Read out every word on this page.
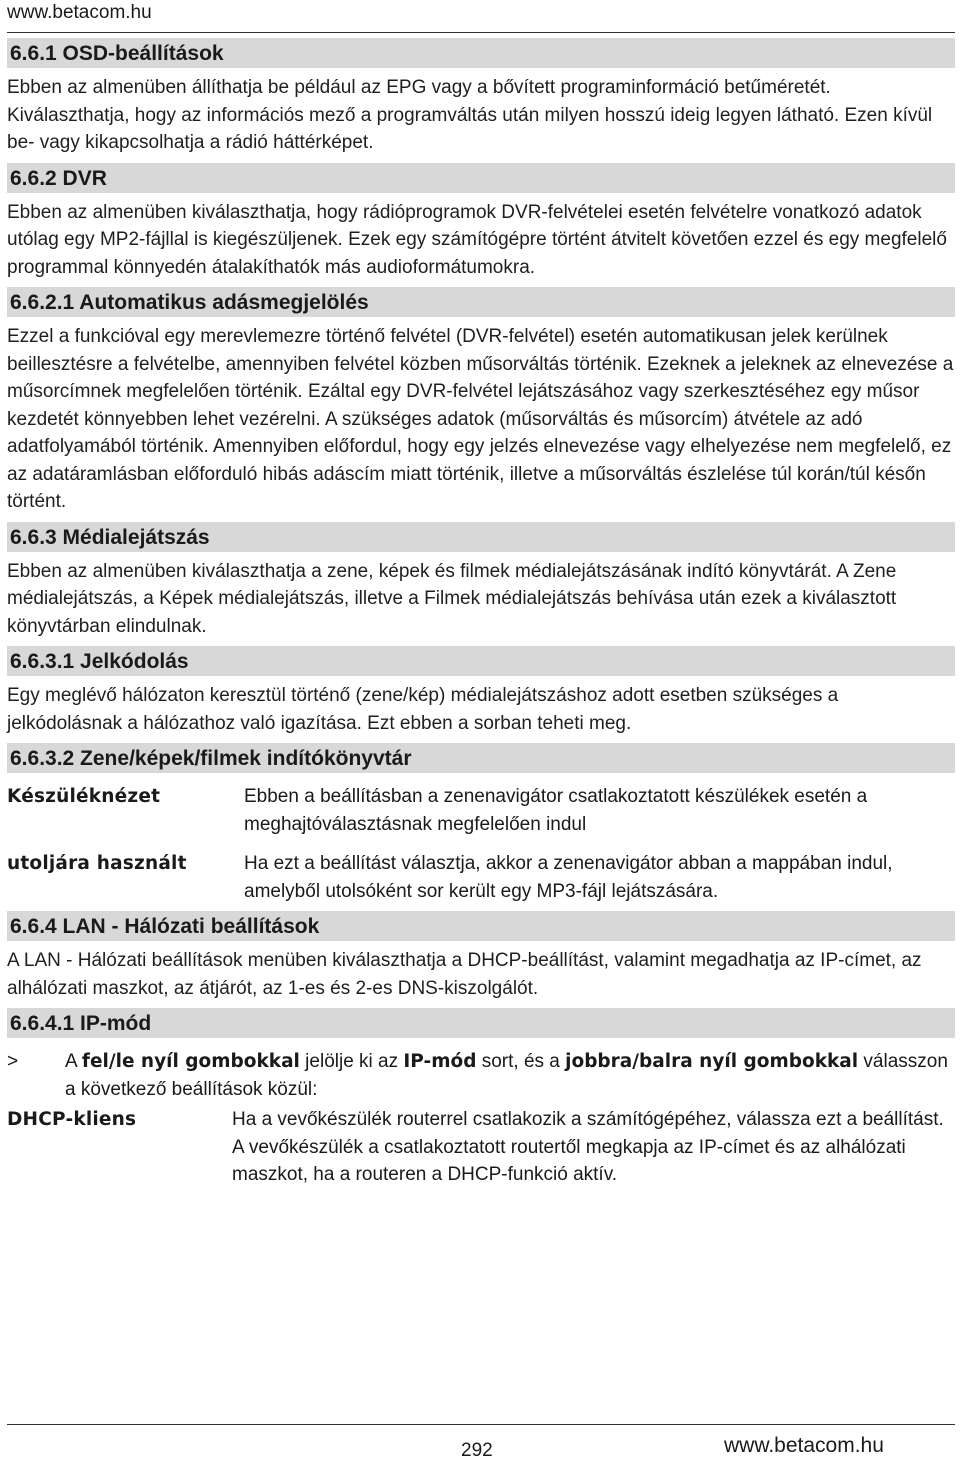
www.betacom.hu
6.6.1 OSD-beállítások

Ebben az almenüben állíthatja be például az EPG vagy a bővített programinformáció betűméretét. Kiválaszthatja, hogy az információs mező a programváltás után milyen hosszú ideig legyen látható. Ezen kívül be- vagy kikapcsolhatja a rádió háttérképet.

6.6.2 DVR

Ebben az almenüben kiválaszthatja, hogy rádióprogramok DVR-felvételei esetén felvételre vonatkozó adatok utólag egy MP2-fájllal is kiegészüljenek. Ezek egy számítógépre történt átvitelt követően ezzel és egy megfelelő programmal könnyedén átalakíthatók más audioformátumokra.

6.6.2.1 Automatikus adásmegjelölés

Ezzel a funkcióval egy merevlemezre történő felvétel (DVR-felvétel) esetén automatikusan jelek kerülnek beillesztésre a felvételbe, amennyiben felvétel közben műsorváltás történik. Ezeknek a jeleknek az elnevezése a műsorcímnek megfelelően történik. Ezáltal egy DVR-felvétel lejátszásához vagy szerkesztéséhez egy műsor kezdetét könnyebben lehet vezérelni. A szükséges adatok (műsorváltás és műsorcím) átvétele az adó adatfolyamából történik. Amennyiben előfordul, hogy egy jelzés elnevezése vagy elhelyezése nem megfelelő, ez az adatáramlásban előforduló hibás adáscím miatt történik, illetve a műsorváltás észlelése túl korán/túl későn történt.

6.6.3 Médialejátszás

Ebben az almenüben kiválaszthatja a zene, képek és filmek médialejátszásának indító könyvtárát. A Zene médialejátszás, a Képek médialejátszás, illetve a Filmek médialejátszás behívása után ezek a kiválasztott könyvtárban elindulnak.

6.6.3.1 Jelkódolás

Egy meglévő hálózaton keresztül történő (zene/kép) médialejátszáshoz adott esetben szükséges a jelkódolásnak a hálózathoz való igazítása. Ezt ebben a sorban teheti meg.

6.6.3.2 Zene/képek/filmek indítókönyvtár
Készüléknézet	Ebben a beállításban a zenenavigátor csatlakoztatott készülékek esetén a meghajtóválasztásnak megfelelően indul
utoljára használt	Ha ezt a beállítást választja, akkor a zenenavigátor abban a mappában indul, amelyből utolsóként sor került egy MP3-fájl lejátszására.
6.6.4 LAN - Hálózati beállítások

A LAN - Hálózati beállítások menüben kiválaszthatja a DHCP-beállítást, valamint megadhatja az IP-címet, az alhálózati maszkot, az átjárót, az 1-es és 2-es DNS-kiszolgálót.

6.6.4.1 IP-mód
>	A fel/le nyíl gombokkal jelölje ki az IP-mód sort, és a jobbra/balra nyíl gombokkal válasszon a következő beállítások közül:
DHCP-kliens	Ha a vevőkészülék routerrel csatlakozik a számítógépéhez, válassza ezt a beállítást. A vevőkészülék a csatlakoztatott routertől megkapja az IP-címet és az alhálózati maszkot, ha a routeren a DHCP-funkció aktív.
292	www.betacom.hu
